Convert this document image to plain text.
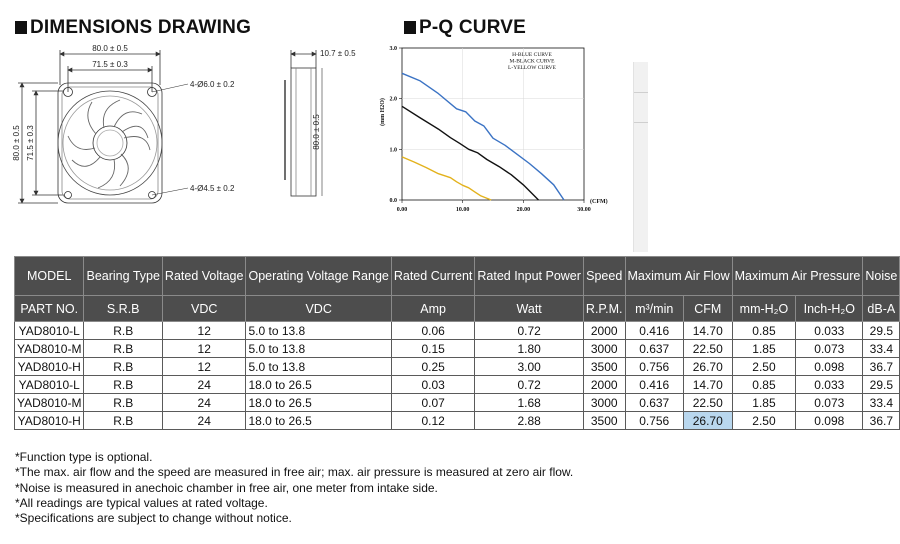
DIMENSIONS DRAWING	P-Q CURVE
80.0 ± 0.5
71.5 ± 0.3
4-Ø6.0 ± 0.2
4-Ø4.5 ± 0.2
80.0 ± 0.5 71.5 ± 0.3
10.7 ± 0.5
80.0 ± 0.5
0.0
1.0
2.0
3.0
0.00	10.00	20.00	30.00
(mm H2O)
(CFM)
H-BLUE CURVE
M-BLACK CURVE
L-YELLOW CURVE
MODEL	Bearing Type	Rated Voltage	Operating Voltage Range	Rated Current	Rated Input Power	Speed	Maximum Air Flow		Maximum Air Pressure		Noise
PART NO.	S.R.B	VDC	VDC	Amp	Watt	R.P.M.	m³/min	CFM	mm-H₂O	Inch-H₂O	dB-A
YAD8010-L	R.B	12	5.0 to 13.8	0.06	0.72	2000	0.416	14.70	0.85	0.033	29.5
YAD8010-M	R.B	12	5.0 to 13.8	0.15	1.80	3000	0.637	22.50	1.85	0.073	33.4
YAD8010-H	R.B	12	5.0 to 13.8	0.25	3.00	3500	0.756	26.70	2.50	0.098	36.7
YAD8010-L	R.B	24	18.0 to 26.5	0.03	0.72	2000	0.416	14.70	0.85	0.033	29.5
YAD8010-M	R.B	24	18.0 to 26.5	0.07	1.68	3000	0.637	22.50	1.85	0.073	33.4
YAD8010-H	R.B	24	18.0 to 26.5	0.12	2.88	3500	0.756	26.70	2.50	0.098	36.7
*Function type is optional.
*The max. air flow and the speed are measured in free air; max. air pressure is measured at zero air flow.
*Noise is measured in anechoic chamber in free air, one meter from intake side.
*All readings are typical values at rated voltage.
*Specifications are subject to change without notice.
